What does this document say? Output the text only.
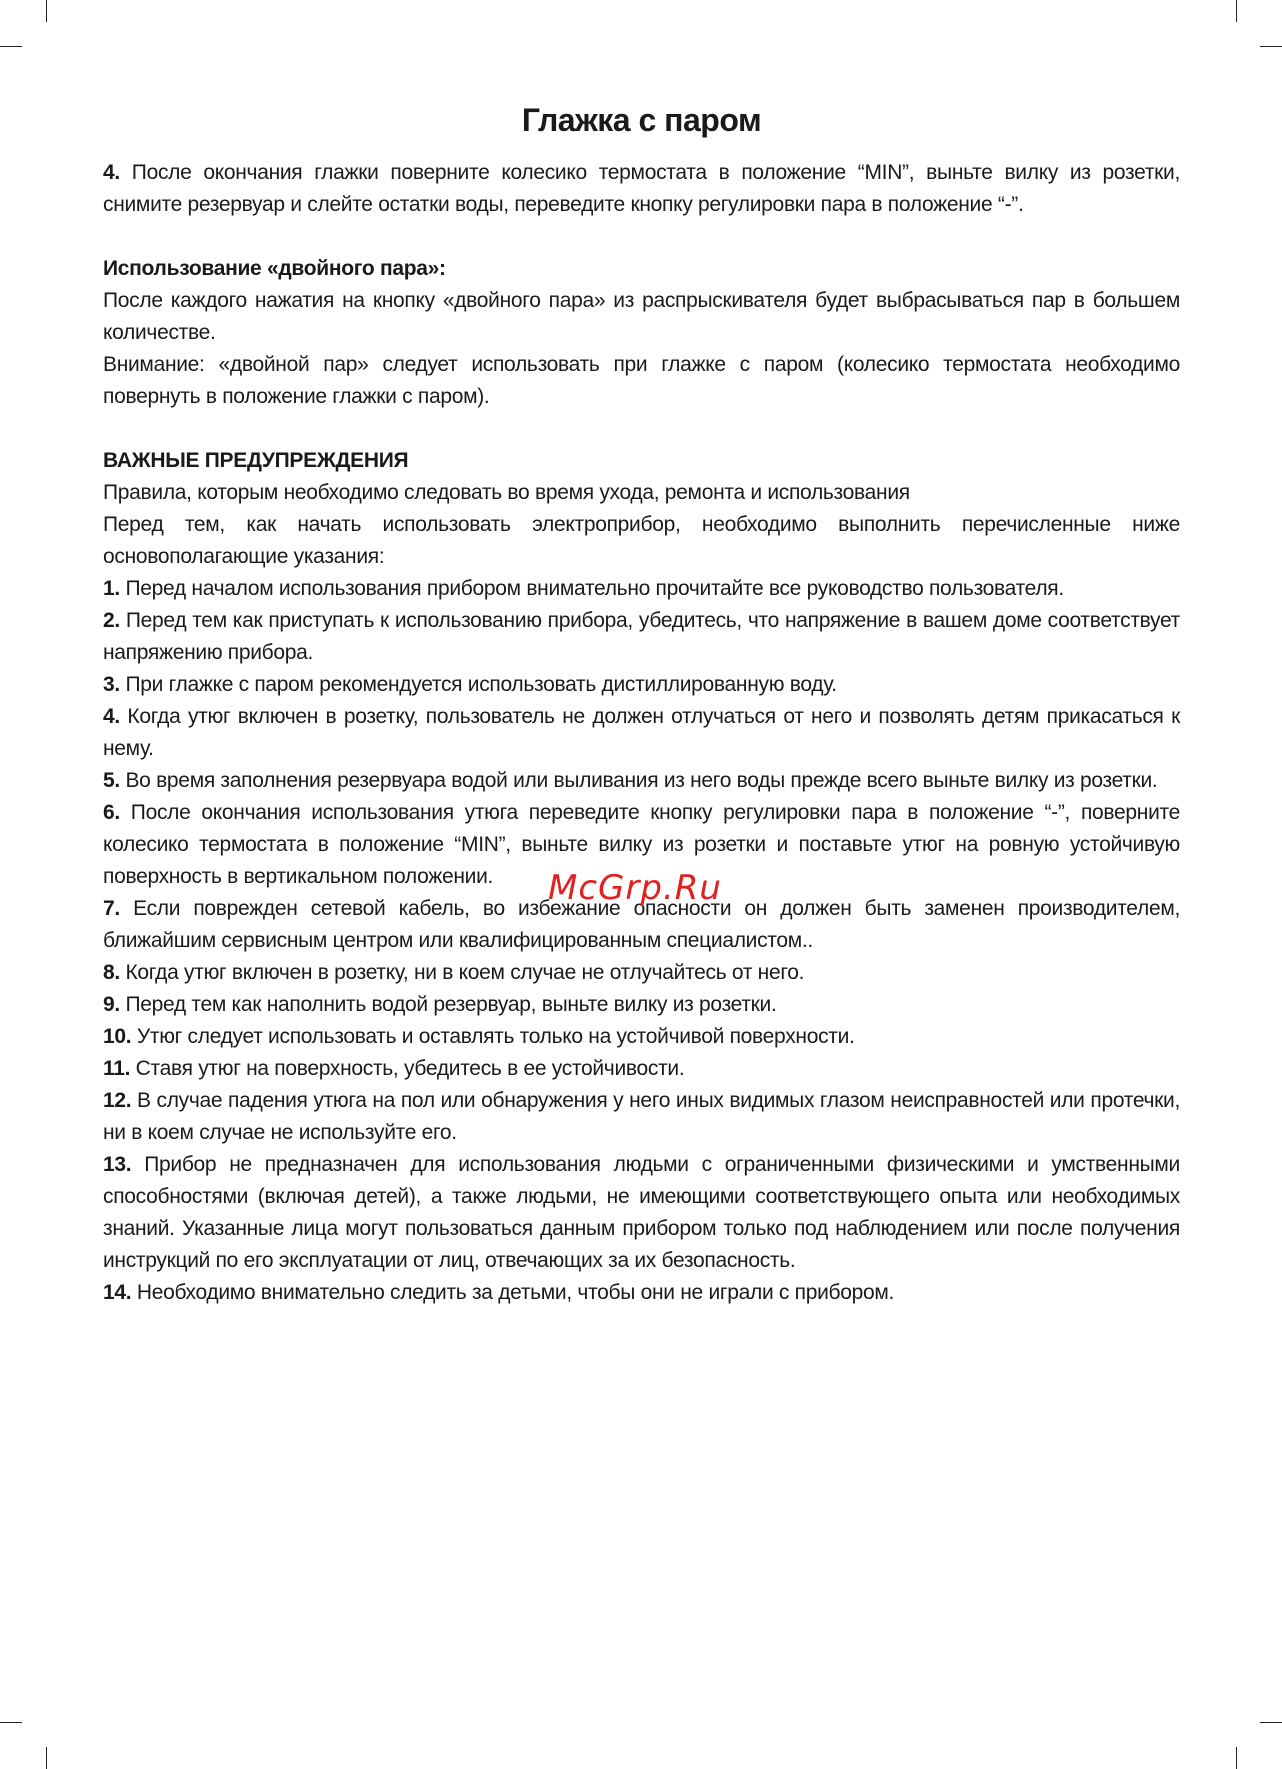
Глажка с паром

4. После окончания глажки поверните колесико термостата в положение “MIN”, выньте вилку из розетки, снимите резервуар и слейте остатки воды, переведите кнопку регулировки пара в положение “-”.

Использование «двойного пара»:

После каждого нажатия на кнопку «двойного пара» из распрыскивателя будет выбрасываться пар в большем количестве.

Внимание: «двойной пар» следует использовать при глажке с паром (колесико термостата необходимо повернуть в положение глажки с паром).

ВАЖНЫЕ ПРЕДУПРЕЖДЕНИЯ

Правила, которым необходимо следовать во время ухода, ремонта и использования

Перед тем, как начать использовать электроприбор, необходимо выполнить перечисленные ниже основополагающие указания:

1. Перед началом использования прибором внимательно прочитайте все руководство пользователя.

2. Перед тем как приступать к использованию прибора, убедитесь, что напряжение в вашем доме соответствует напряжению прибора.

3. При глажке с паром рекомендуется использовать дистиллированную воду.

4. Когда утюг включен в розетку, пользователь не должен отлучаться от него и позволять детям прикасаться к нему.

5. Во время заполнения резервуара водой или выливания из него воды прежде всего выньте вилку из розетки.

6. После окончания использования утюга переведите кнопку регулировки пара в положение “-”, поверните колесико термостата в положение “MIN”, выньте вилку из розетки и поставьте утюг на ровную устойчивую поверхность в вертикальном положении.

7. Если поврежден сетевой кабель, во избежание опасности он должен быть заменен производителем, ближайшим сервисным центром или квалифицированным специалистом..

8. Когда утюг включен в розетку, ни в коем случае не отлучайтесь от него.

9. Перед тем как наполнить водой резервуар, выньте вилку из розетки.

10. Утюг следует использовать и оставлять только на устойчивой поверхности.

11. Ставя утюг на поверхность, убедитесь в ее устойчивости.

12. В случае падения утюга на пол или обнаружения у него иных видимых глазом неисправностей или протечки, ни в коем случае не используйте его.

13. Прибор не предназначен для использования людьми с ограниченными физическими и умственными способностями (включая детей), а также людьми, не имеющими соответствующего опыта или необходимых знаний. Указанные лица могут пользоваться данным прибором только под наблюдением или после получения инструкций по его эксплуатации от лиц, отвечающих за их безопасность.

14. Необходимо внимательно следить за детьми, чтобы они не играли с прибором.

McGrp.Ru
